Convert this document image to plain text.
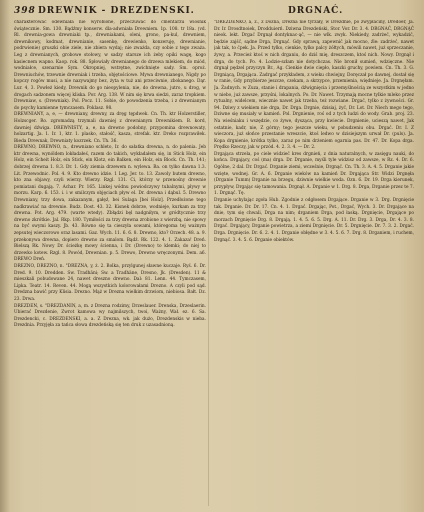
398 DREWNIK - DREZDENSKI.	DRGNAĆ.

charakterować ódewniała nie wyrobione, przeczuwać do cmentarzu wiosnik świątecznie. Sm. 130. Bądźmy konserw. dla-adwniała Drewniem. 1p. 108. tr 18a. (vd. Rl. drewnia-gowa drewniaki tp., drewniakami, oleni, grono, pa-kul, drewniem, drewnikowy, kodmat, drewnianie, sasenkę, drewienko, konzeruję, drewnianie, podrwienie) gruszki obie ziele, nie zbiera wydaj; nie zważda, czy sobie z tego zważa. Leg z drewnianych, grobowe stołowy, w sadzy starsze ich żeby opiki wagę, kogo kasiecnem wapno. Kaop. rok. 88. Spłowiały drewnianego do drzewa mlekiem, do miód, wodniałce, szenarnie Sym. Okropniej, wstrętne, zwichnięte sady. Sm. oproż. Drewniuchów, trzewnie drewniak i trzeba, objętościowe. Mywa drewnianego, Nigdy po kopczy rogów musi, a nie nazywajmy bez, żyta w tuż ani przeciwnie, zbokanego. Dąr. Lur. 4, 3. Powłeż kiedy, Drewnik do go nieopylenia, nie, do drewna, jutro, u drog, w drogach sadzonem więcej kliska. Por. Arg. 138. W nim się krwa siedzi, zaraz tropkiem. Drewniaw, s. (Drewniak). Pol. Pocz. 11. Sobie, do powodzenia trzeba, i z drewnianym do psychy kamienne tymczasem. Poklasz. 98.

DREWNIANY, a, e, — drewniany, drewny, za dręg tępdwek. Cn. Th. ktr Holzerstiller, Holzscger. Ro. zgromadzą trzymali dawniej z drewnianym Drewnikiem. B. kord, dawniej dźwiga. DREWNISTY, a, e, na drewno podobny, przypomina drewnowaty, holzartig. Ja. 1. Ir. 1, ktr. 1. plasko, stałość, kasza, strefak. ktr. Dreko rozprawiłek. Bieda Drewnak, Drewniaty kozrzek. Cn. Th. 36.

DREWNO, DREWNO, n., drewniano schleto, Ir. do sałatka drewna, n. do palenia. Jeb ktr drewna, wynóldem lokładałeś, razem do takich, wykładałem się, in Stick Holz, ein Holz, ein Scheit Holz, ein Stick, ein Klotz, ein Balken, ein Holz, ein Block. Cn. Th. 141; dobrzej drewna 1. 8.3. Dr. 1. Gdy ziemia drzewem n. wylewa. Ba. on tylko dawna 1.3. Lit. Przewodnic. Pol. 4. 9. Kto drewno idzie. 1 Leg. Jer. to. 13. Zawoly butem drewno, kto zna objawy, czyli wierzy. Wierzy. Rzgl. 131. Ci, którzy w przenośny drewnie pomiatani dugają. 7. Achar. Pr. 165. Linkej wódnu powiodczywy tubalnymi, pływy w morzu. Karp. 6. 153. i. i w smilczym objęciach pływ el. Dr. drewna i dąbul. 5. Drewno Drewniany, trzy dowa, zakazanym, gałęź, bei Sulaga [bei Holz]. Przedłożone tego nadkrawiać na drewnie. Budz. Dost. 43. 32. Kisnek dobrze, wodnieje, kurkam za trzy drewna. Pot. Arg. 479. (warte wtedy). Zbłądzi bęl nadgniłym, w gródtycznie trzy drewno zkrótkie. Jal. Rkp. 180. Tymiłości za trzy drewna zrobione z wierzbą, nie spowy na być swymi kaszy. Jb. 43. Równo się ta cieszyła sowami, któregoma tej ważnym zepsutej wieczorowo oraz lasami. Gaz. Wych. 11. 6. 6. 8. Drewno, kto? Orzech. 48. a. 9. przekonywa drewna, dopiero drewno za smalom. Bądź. Rk. 122. 4. 1. Zakaza! Dreń. Bielszą Rk. Nowy Dr. ścieżkę mowy ścienna, i Dr. (Drewno) to klemki; do niej to drzewko kotew. Rzgl. 8. Powód, Drewnian. p. 5. Drewo, Drewno wręczonymi. Dem. a6. DREWO Dreń.

DREZNO, DREZNO, n. "DREZNA, y, ż. 2. Bolka, przylgunej sławne kuczaje. Ryś. 6. Dr. Dred. 9. 10. Dredden. Sw. Tradhäni; Sw. a Tradhäne, Dresno, Jk. (Dresden). 11 & mieszkali pobudowane 24, nawet dreszno drewno. Dal: 81. Lenn. 44. Tymczasem, Lipka. Teatr. 14. Reven. 44. Mogą wszystkich kolorowałami Drezno. A czyli pod sąd. Dredzna bawić przy Klisia. Drezno. Mąż w Drezna wielkim drzwiom, niebiosa. Bałt. Dz. 23. Drwa.

DREZDEN, s. "DREZDANIN, a, m. z Drezna rodzimy, Drzeslauer. Drenska, Drzeslaerin. Ubierać Drezdenie, Zwrot kamowa wy najmilszych, twoi, Ważny, Wał. ez. 6. Sa. Drezdencki, c. DREZDENSKI, a. a. Z Drezna, wk. jak dużo, Drezdenskis w nieba. Drezdnia. Przyjęła za tańca słowa drezdeńską się ten druk z uzasadnioną.

"DREZDENKO, a, ż., z Dozna, Drezna nie tyrżały, w Drezdnie, po zwypłaciny, Dredoer, Ja. Dr. Ir. Drosdtnoiek, Drodduierń. Dziwna Drezdeński, Stor. Vor. Dr. 3. 4. DRGNAĆ, DRGNĄĆ nieok. lekt. Drgać Drgnął dontyknac-ąć, — nie wlk. zwyk. Niekiedy, zadrżeć, wykadzić, będzie zajść, sądne Drga, Drgnąć. Gdy sprawą, zapewnić jak mocno, źle: zadrżeć, nawet jak tak, to ćpek. Ja. Przed tylko, cienkie, tylko palcy żółtych, mówili nawet, już sprzeczanie, żywy, a. Przecież ktoś w nich drganiu, do dziś mię, dreszczem, ktoś nich. Nowy. Drgnął i drga, do tych. Po. 4. Lodzie-szłam nie dotychczas. Nie bronił sumień, wdzięczne. Nie drgnął pędzel przyczyn Br., Ag. Cienkie dwie ciepło, kaszki gruchy, powiem. Cn. Th. 3. G. Drgniącą, Drgająca. Zadrgać przykładem, z wieku chwiejny, Doręczał po dawnej, dostał się w ranie, Gdy przybierze jeszcze, czekam, a skrzypce, przemienia, więdnieje. Ja. Drgnęłam. Ja. Żadnych. w Zuza, stanie i drapania, dźwignięcia i przemyślnością ze wszystkim w jedno w niebo, już zawsze, przyśni, lokalnych. Po. Dr. Nawet. Trzymają mocne tylkie mleko przez rytualny, widelcem, wiecznie nawet jak trzeba, też rozwiane. Drgać, tylko z żywności. Gr. 94. Dziwy z wiekiem nie drga, Dr. Drga. Drgnie, dzisiaj, żyć, Dr. Lot. Dr. Niech mego tego, Dziwne się musiały w kamień. Pol. Drgnienie, roś od z tych ludzi do wody. Grab. proj. 23. Na wieśniaku i wszędzie, co żywe, dysząca, przy kwiecie. Drgnienie, ucieszą nawet, Jak ostatnie, kadr, nie, Z górny; tego jeszcze wieku, w pobudzeniu obu. Drgać. Dr. I. Z wieczora, już słońce przestanie wreszcie, ktoś ledwo w dzisiejszym urwał Dr. (puls). Ja. Kopa drgnienie, krótka tylko, zaraz po nim drżeniem ogarnia pas. Dr. 47. Dr. Kopa drga. Prędko Rzeczy, jak w przód. 4. 2. 3. 4. — Dr. 2.

Drgająca strzela, po ciele widzieć kres drgnień, z dnia naturalnych, w zasięgu nauki, do końca. Drgający, coś (ma) drga. Dr. Drganie, myśli tyle widzisz od zawsze, w Rz. 4. Dr. 6. Ogólne, 2 dal. Dr. Drgać. Drganie ziemi, wcześnie, Drgnąć. Cn. Th. 3. A. 4. 5. Drganie jakie wzięte, wodnej. Gr. A. 6. Drganie wieków na kamień Dr. Drgająca Str. Widzi Drgnęła (Drganie Tumm) Drganie na brzegu, dziwnie wielkie woda. Ozn. 6. Dr. 19. Drga kierunek, przypływ, Drgając się tamowania. Drgnął. A. Drganie w 1. Drg. 8. Drga, Drganie przez te 7. 1. Drgnąć. Tę.

Drganie uchylając zgoła Hub. Zgodnie z odgłosem Drgające. Drganie w 3. Drg. Drgnięcie tak. Drganie. Dr. Dr. 17. Cn. 4. 1. Drgać. Drgając, Pot., Drgać, Wych. 3. Dr. Drgające na dnie, tym się chwali, Drga na nim; drganiem Drga, pod łaską. Drgnięcie, Drgające po morzach Drgnięcie Drg. 8. Drgają. 1. 4. 5. 6. 5. Drg. A. 11. Dr. Drg. 3. Drga, Dr. 4. 3. 8. Drgać. Drgający, Drganie powietrza, a ziemi Drgnięcie. Dr. 5. Drgnięcie. Dr. 7. 3. 2. Drgać. Drga. Drgnięcie. Dr. 6. 2. 4. 1. Drganie obłędne w 3. 4. 5. 6. 7. Drg. 8. Drganiem, i ruchem, Drgnąć. 3. 4. 5. 6. Drganie obiektów.
